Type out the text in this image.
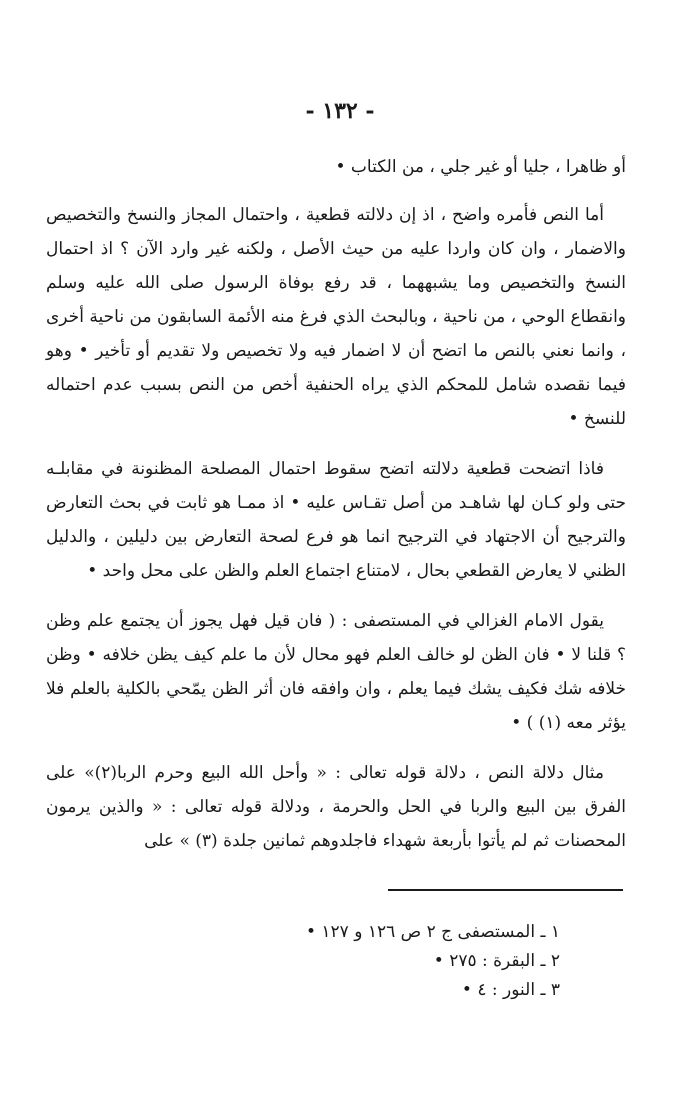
- ١٣٢ -

أو ظاهرا ، جليا أو غير جلي ، من الكتاب •

أما النص فأمره واضح ، اذ إن دلالته قطعية ، واحتمال المجاز والنسخ والتخصيص والاضمار ، وان كان واردا عليه من حيث الأصل ، ولكنه غير وارد الآن ؟ اذ احتمال النسخ والتخصيص وما يشبههما ، قد رفع بوفاة الرسول صلى الله عليه وسلم وانقطاع الوحي ، من ناحية ، وبالبحث الذي فرغ منه الأئمة السابقون من ناحية أخرى ، وانما نعني بالنص ما اتضح أن لا اضمار فيه ولا تخصيص ولا تقديم أو تأخير • وهو فيما نقصده شامل للمحكم الذي يراه الحنفية أخص من النص بسبب عدم احتماله للنسخ •

فاذا اتضحت قطعية دلالته اتضح سقوط احتمال المصلحة المظنونة في مقابلـه حتى ولو كـان لها شاهـد من أصل تقـاس عليه • اذ ممـا هو ثابت في بحث التعارض والترجيح أن الاجتهاد في الترجيح انما هو فرع لصحة التعارض بين دليلين ، والدليل الظني لا يعارض القطعي بحال ، لامتناع اجتماع العلم والظن على محل واحد •

يقول الامام الغزالي في المستصفى : ( فان قيل فهل يجوز أن يجتمع علم وظن ؟ قلنا لا • فان الظن لو خالف العلم فهو محال لأن ما علم كيف يظن خلافه • وظن خلافه شك فكيف يشك فيما يعلم ، وان وافقه فان أثر الظن يمّحي بالكلية بالعلم فلا يؤثر معه (١) ) •

مثال دلالة النص ، دلالة قوله تعالى : « وأحل الله البيع وحرم الربا(٢)» على الفرق بين البيع والربا في الحل والحرمة ، ودلالة قوله تعالى : « والذين يرمون المحصنات ثم لم يأتوا بأربعة شهداء فاجلدوهم ثمانين جلدة (٣) » على

١ ـ المستصفى ج ٢ ص ١٢٦ و ١٢٧ •
٢ ـ البقرة : ٢٧٥ •
٣ ـ النور : ٤ •
